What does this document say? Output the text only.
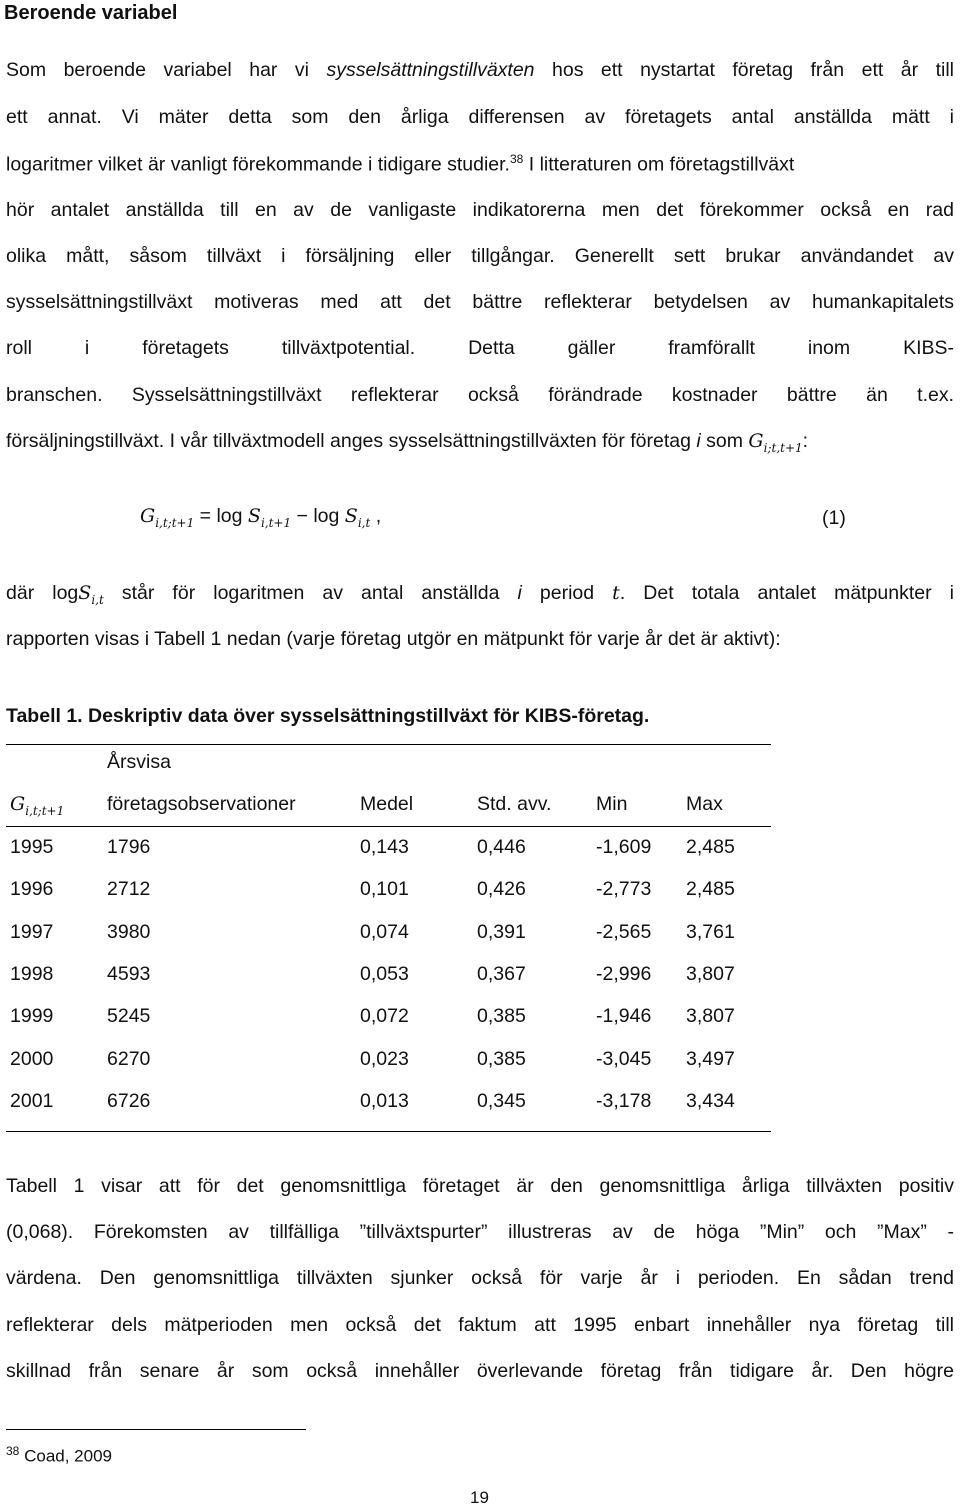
Beroende variabel
Som beroende variabel har vi sysselsättningstillväxten hos ett nystartat företag från ett år till
ett annat. Vi mäter detta som den årliga differensen av företagets antal anställda mätt i
logaritmer vilket är vanligt förekommande i tidigare studier.$^{38}$ I litteraturen om företagstillväxt
hör antalet anställda till en av de vanligaste indikatorerna men det förekommer också en rad
olika mått, såsom tillväxt i försäljning eller tillgångar. Generellt sett brukar användandet av
sysselsättningstillväxt motiveras med att det bättre reflekterar betydelsen av humankapitalets
roll i företagets tillväxtpotential. Detta gäller framförallt inom KIBS-
branschen. Sysselsättningstillväxt reflekterar också förändrade kostnader bättre än t.ex.
försäljningstillväxt. I vår tillväxtmodell anges sysselsättningstillväxten för företag i som $G_{i;t,t+1}$:
$G_{i,t;t+1} = \log S_{i,t+1} - \log S_{i,t}$ ,	(1)
där logS$_{i,t}$ står för logaritmen av antal anställda i period t. Det totala antalet mätpunkter i
rapporten visas i Tabell 1 nedan (varje företag utgör en mätpunkt för varje år det är aktivt):
Tabell 1. Deskriptiv data över sysselsättningstillväxt för KIBS-företag.
Årsvisa
$G_{i,t;t+1}$ företagsobservationer	Medel	Std. avv. Min	Max
1995	1796	0,143	0,446	-1,609 2,485
1996	2712	0,101	0,426	-2,773 2,485
1997	3980	0,074	0,391	-2,565 3,761
1998	4593	0,053	0,367	-2,996 3,807
1999	5245	0,072	0,385	-1,946 3,807
2000	6270	0,023	0,385	-3,045 3,497
2001	6726	0,013	0,345	-3,178 3,434
Tabell 1 visar att för det genomsnittliga företaget är den genomsnittliga årliga tillväxten positiv
(0,068). Förekomsten av tillfälliga ”tillväxtspurter” illustreras av de höga ”Min” och ”Max” -
värdena. Den genomsnittliga tillväxten sjunker också för varje år i perioden. En sådan trend
reflekterar dels mätperioden men också det faktum att 1995 enbart innehåller nya företag till
skillnad från senare år som också innehåller överlevande företag från tidigare år. Den högre
$^{38}$ Coad, 2009
19
